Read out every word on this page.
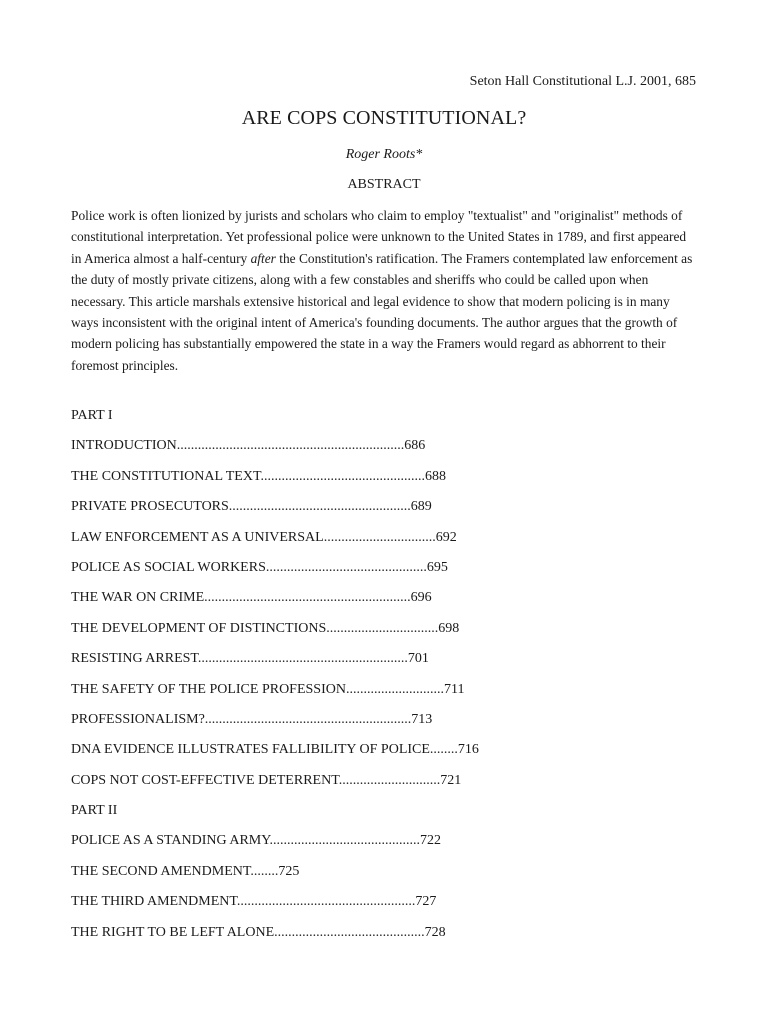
Seton Hall Constitutional L.J. 2001, 685
ARE COPS CONSTITUTIONAL?
Roger Roots*
ABSTRACT

Police work is often lionized by jurists and scholars who claim to employ "textualist" and "originalist" methods of constitutional interpretation. Yet professional police were unknown to the United States in 1789, and first appeared in America almost a half-century after the Constitution's ratification. The Framers contemplated law enforcement as the duty of mostly private citizens, along with a few constables and sheriffs who could be called upon when necessary. This article marshals extensive historical and legal evidence to show that modern policing is in many ways inconsistent with the original intent of America's founding documents. The author argues that the growth of modern policing has substantially empowered the state in a way the Framers would regard as abhorrent to their foremost principles.

PART I
INTRODUCTION.................................................................686
THE CONSTITUTIONAL TEXT...............................................688
PRIVATE PROSECUTORS....................................................689
LAW ENFORCEMENT AS A UNIVERSAL................................692
POLICE AS SOCIAL WORKERS..............................................695
THE WAR ON CRIME...........................................................696
THE DEVELOPMENT OF DISTINCTIONS................................698
RESISTING ARREST............................................................701
THE SAFETY OF THE POLICE PROFESSION............................711
PROFESSIONALISM?...........................................................713
DNA EVIDENCE ILLUSTRATES FALLIBILITY OF POLICE........716
COPS NOT COST-EFFECTIVE DETERRENT.............................721
PART II
POLICE AS A STANDING ARMY...........................................722
THE SECOND AMENDMENT........725
THE THIRD AMENDMENT...................................................727
THE RIGHT TO BE LEFT ALONE...........................................728
